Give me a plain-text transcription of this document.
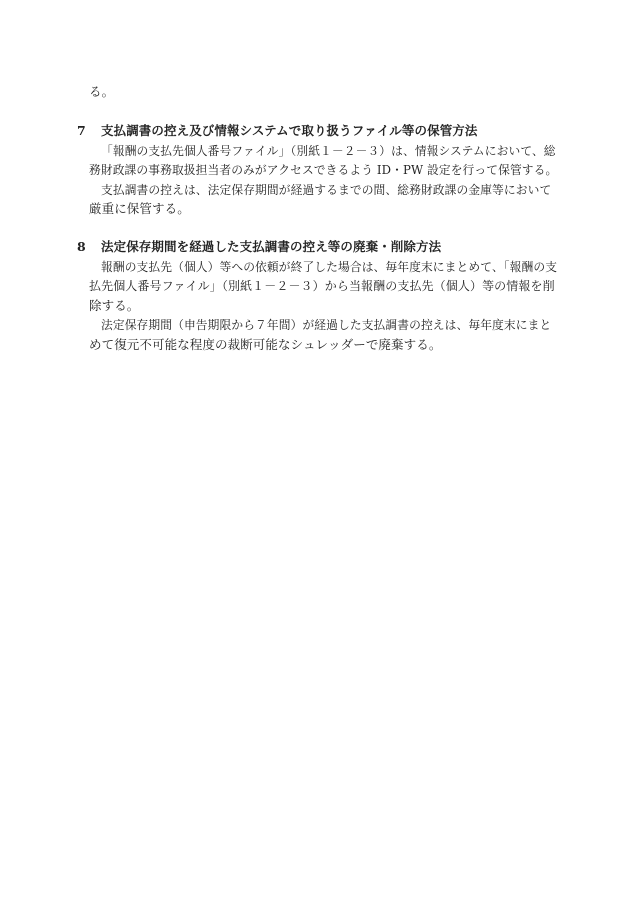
る。
7 支払調書の控え及び情報システムで取り扱うファイル等の保管方法
「報酬の支払先個人番号ファイル」（別紙１－２－３）は、情報システムにおいて、総
務財政課の事務取扱担当者のみがアクセスできるよう ID・PW 設定を行って保管する。
支払調書の控えは、法定保存期間が経過するまでの間、総務財政課の金庫等において
厳重に保管する。
8 法定保存期間を経過した支払調書の控え等の廃棄・削除方法
報酬の支払先（個人）等への依頼が終了した場合は、毎年度末にまとめて、「報酬の支
払先個人番号ファイル」（別紙１－２－３）から当報酬の支払先（個人）等の情報を削
除する。
法定保存期間（申告期限から７年間）が経過した支払調書の控えは、毎年度末にまと
めて復元不可能な程度の裁断可能なシュレッダーで廃棄する。
